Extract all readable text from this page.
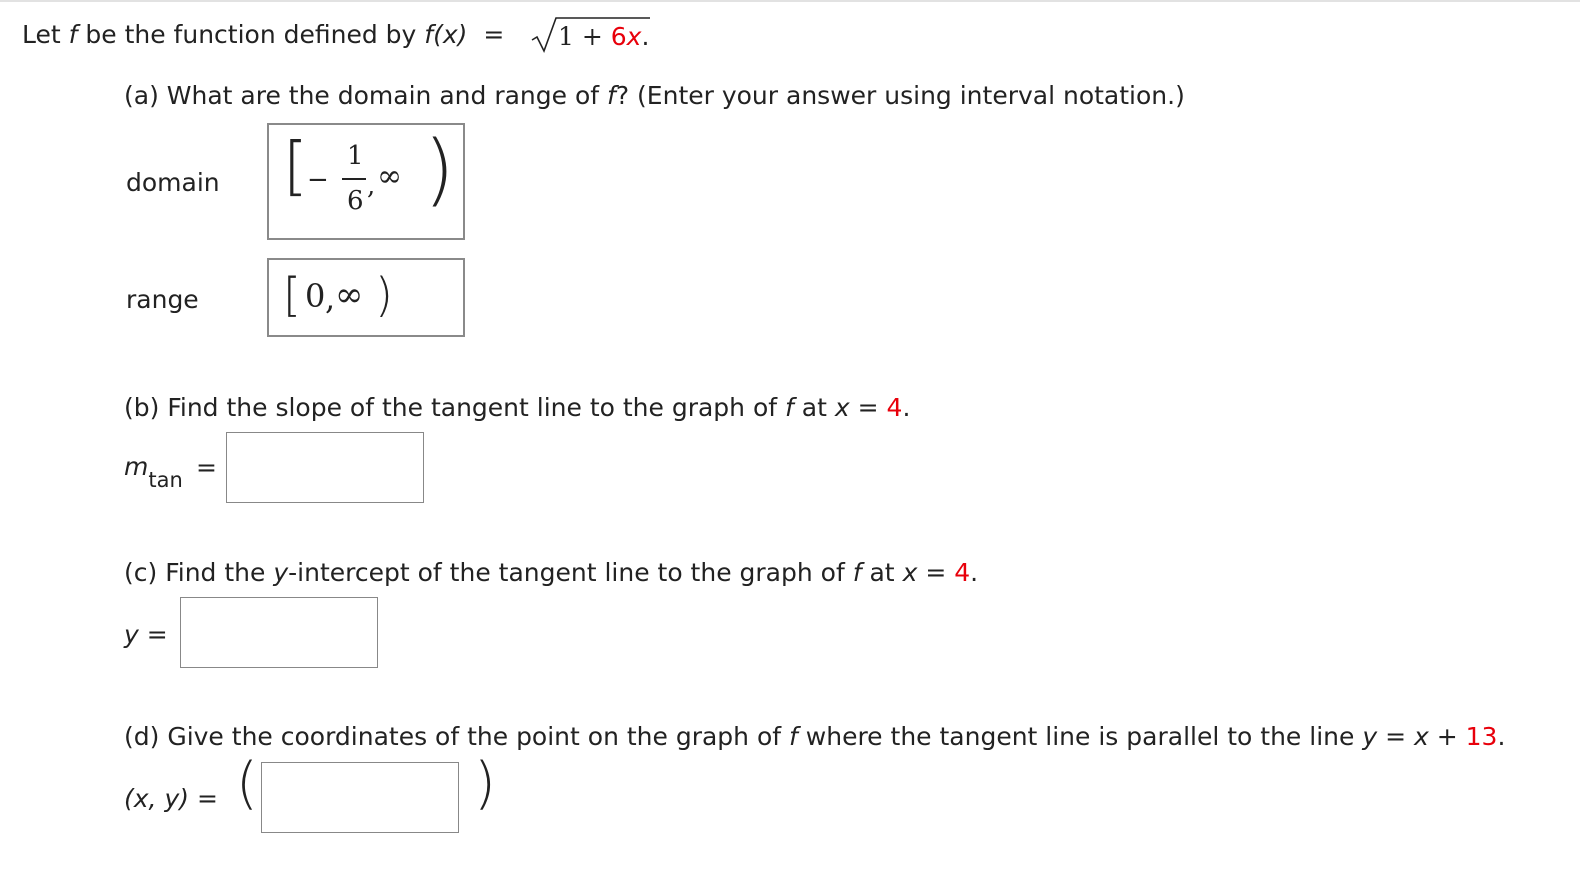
Let f be the function defined by f(x) = 1 + 6x.
(a) What are the domain and range of f? (Enter your answer using interval notation.)
domain [ −
1
6 , ∞ )
range [ 0 , ∞ )
(b) Find the slope of the tangent line to the graph of f at x = 4.
$m_{tan}$ =
(c) Find the y-intercept of the tangent line to the graph of f at x = 4.
y =
(d) Give the coordinates of the point on the graph of f where the tangent line is parallel to the line y = x + 13.
(x, y) = (	)
